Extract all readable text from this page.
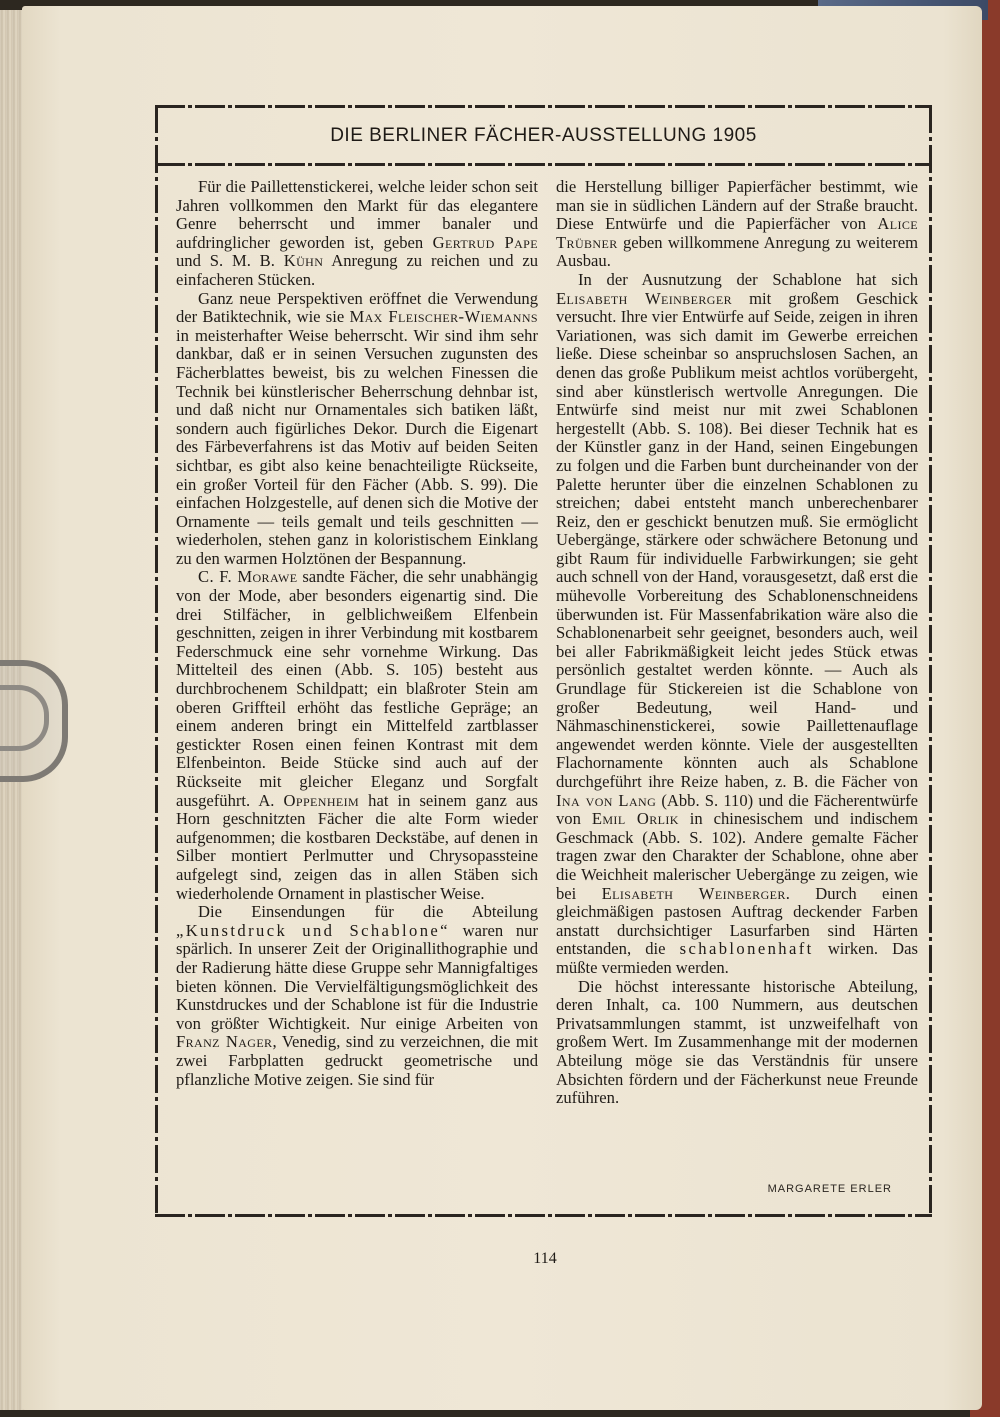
DIE BERLINER FÄCHER-AUSSTELLUNG 1905

Für die Paillettenstickerei, welche leider schon seit Jahren vollkommen den Markt für das elegantere Genre beherrscht und immer banaler und aufdringlicher geworden ist, geben Gertrud Pape und S. M. B. Kühn Anregung zu reichen und zu einfacheren Stücken.

Ganz neue Perspektiven eröffnet die Verwendung der Batiktechnik, wie sie Max Fleischer-Wiemanns in meisterhafter Weise beherrscht. Wir sind ihm sehr dankbar, daß er in seinen Versuchen zugunsten des Fächerblattes beweist, bis zu welchen Finessen die Technik bei künstlerischer Beherrschung dehnbar ist, und daß nicht nur Ornamentales sich batiken läßt, sondern auch figürliches Dekor. Durch die Eigenart des Färbeverfahrens ist das Motiv auf beiden Seiten sichtbar, es gibt also keine benachteiligte Rückseite, ein großer Vorteil für den Fächer (Abb. S. 99). Die einfachen Holzgestelle, auf denen sich die Motive der Ornamente — teils gemalt und teils geschnitten — wiederholen, stehen ganz in koloristischem Einklang zu den warmen Holztönen der Bespannung.

C. F. Morawe sandte Fächer, die sehr unabhängig von der Mode, aber besonders eigenartig sind. Die drei Stilfächer, in gelblichweißem Elfenbein geschnitten, zeigen in ihrer Verbindung mit kostbarem Federschmuck eine sehr vornehme Wirkung. Das Mittelteil des einen (Abb. S. 105) besteht aus durchbrochenem Schildpatt; ein blaßroter Stein am oberen Griffteil erhöht das festliche Gepräge; an einem anderen bringt ein Mittelfeld zartblasser gestickter Rosen einen feinen Kontrast mit dem Elfenbeinton. Beide Stücke sind auch auf der Rückseite mit gleicher Eleganz und Sorgfalt ausgeführt. A. Oppenheim hat in seinem ganz aus Horn geschnitzten Fächer die alte Form wieder aufgenommen; die kostbaren Deckstäbe, auf denen in Silber montiert Perlmutter und Chrysopassteine aufgelegt sind, zeigen das in allen Stäben sich wiederholende Ornament in plastischer Weise.

Die Einsendungen für die Abteilung „Kunstdruck und Schablone“ waren nur spärlich. In unserer Zeit der Originallithographie und der Radierung hätte diese Gruppe sehr Mannigfaltiges bieten können. Die Vervielfältigungsmöglichkeit des Kunstdruckes und der Schablone ist für die Industrie von größter Wichtigkeit. Nur einige Arbeiten von Franz Nager, Venedig, sind zu verzeichnen, die mit zwei Farbplatten gedruckt geometrische und pflanzliche Motive zeigen. Sie sind für

die Herstellung billiger Papierfächer bestimmt, wie man sie in südlichen Ländern auf der Straße braucht. Diese Entwürfe und die Papierfächer von Alice Trübner geben willkommene Anregung zu weiterem Ausbau.

In der Ausnutzung der Schablone hat sich Elisabeth Weinberger mit großem Geschick versucht. Ihre vier Entwürfe auf Seide, zeigen in ihren Variationen, was sich damit im Gewerbe erreichen ließe. Diese scheinbar so anspruchslosen Sachen, an denen das große Publikum meist achtlos vorübergeht, sind aber künstlerisch wertvolle Anregungen. Die Entwürfe sind meist nur mit zwei Schablonen hergestellt (Abb. S. 108). Bei dieser Technik hat es der Künstler ganz in der Hand, seinen Eingebungen zu folgen und die Farben bunt durcheinander von der Palette herunter über die einzelnen Schablonen zu streichen; dabei entsteht manch unberechenbarer Reiz, den er geschickt benutzen muß. Sie ermöglicht Uebergänge, stärkere oder schwächere Betonung und gibt Raum für individuelle Farbwirkungen; sie geht auch schnell von der Hand, vorausgesetzt, daß erst die mühevolle Vorbereitung des Schablonenschneidens überwunden ist. Für Massenfabrikation wäre also die Schablonenarbeit sehr geeignet, besonders auch, weil bei aller Fabrikmäßigkeit leicht jedes Stück etwas persönlich gestaltet werden könnte. — Auch als Grundlage für Stickereien ist die Schablone von großer Bedeutung, weil Hand- und Nähmaschinenstickerei, sowie Paillettenauflage angewendet werden könnte. Viele der ausgestellten Flachornamente könnten auch als Schablone durchgeführt ihre Reize haben, z. B. die Fächer von Ina von Lang (Abb. S. 110) und die Fächerentwürfe von Emil Orlik in chinesischem und indischem Geschmack (Abb. S. 102). Andere gemalte Fächer tragen zwar den Charakter der Schablone, ohne aber die Weichheit malerischer Uebergänge zu zeigen, wie bei Elisabeth Weinberger. Durch einen gleichmäßigen pastosen Auftrag deckender Farben anstatt durchsichtiger Lasurfarben sind Härten entstanden, die schablonenhaft wirken. Das müßte vermieden werden.

Die höchst interessante historische Abteilung, deren Inhalt, ca. 100 Nummern, aus deutschen Privatsammlungen stammt, ist unzweifelhaft von großem Wert. Im Zusammenhange mit der modernen Abteilung möge sie das Verständnis für unsere Absichten fördern und der Fächerkunst neue Freunde zuführen.

MARGARETE ERLER
114
